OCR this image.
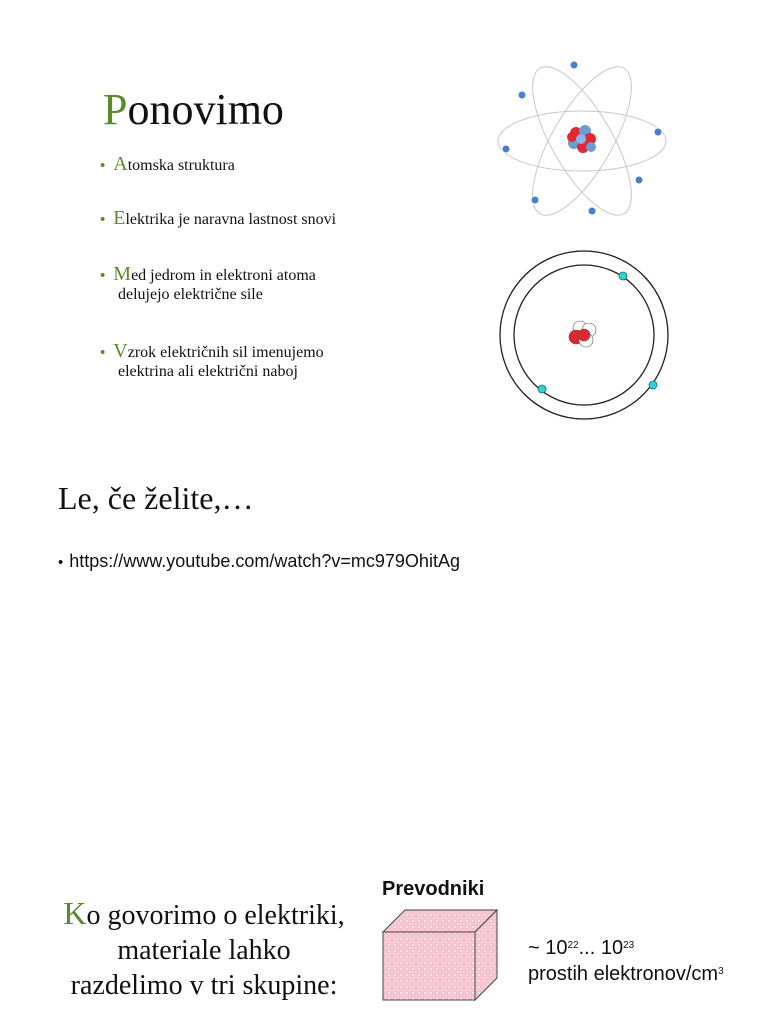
Ponovimo
• Atomska struktura
• Elektrika je naravna lastnost snovi
• Med jedrom in elektroni atoma
delujejo električne sile
• Vzrok električnih sil imenujemo
elektrina ali električni naboj
Le, če želite,…
• https://www.youtube.com/watch?v=mc979OhitAg
Ko govorimo o elektriki,
materiale lahko
razdelimo v tri skupine:
Prevodniki
~ $10^{22}$... $10^{23}$
prostih elektronov/$cm^3$
